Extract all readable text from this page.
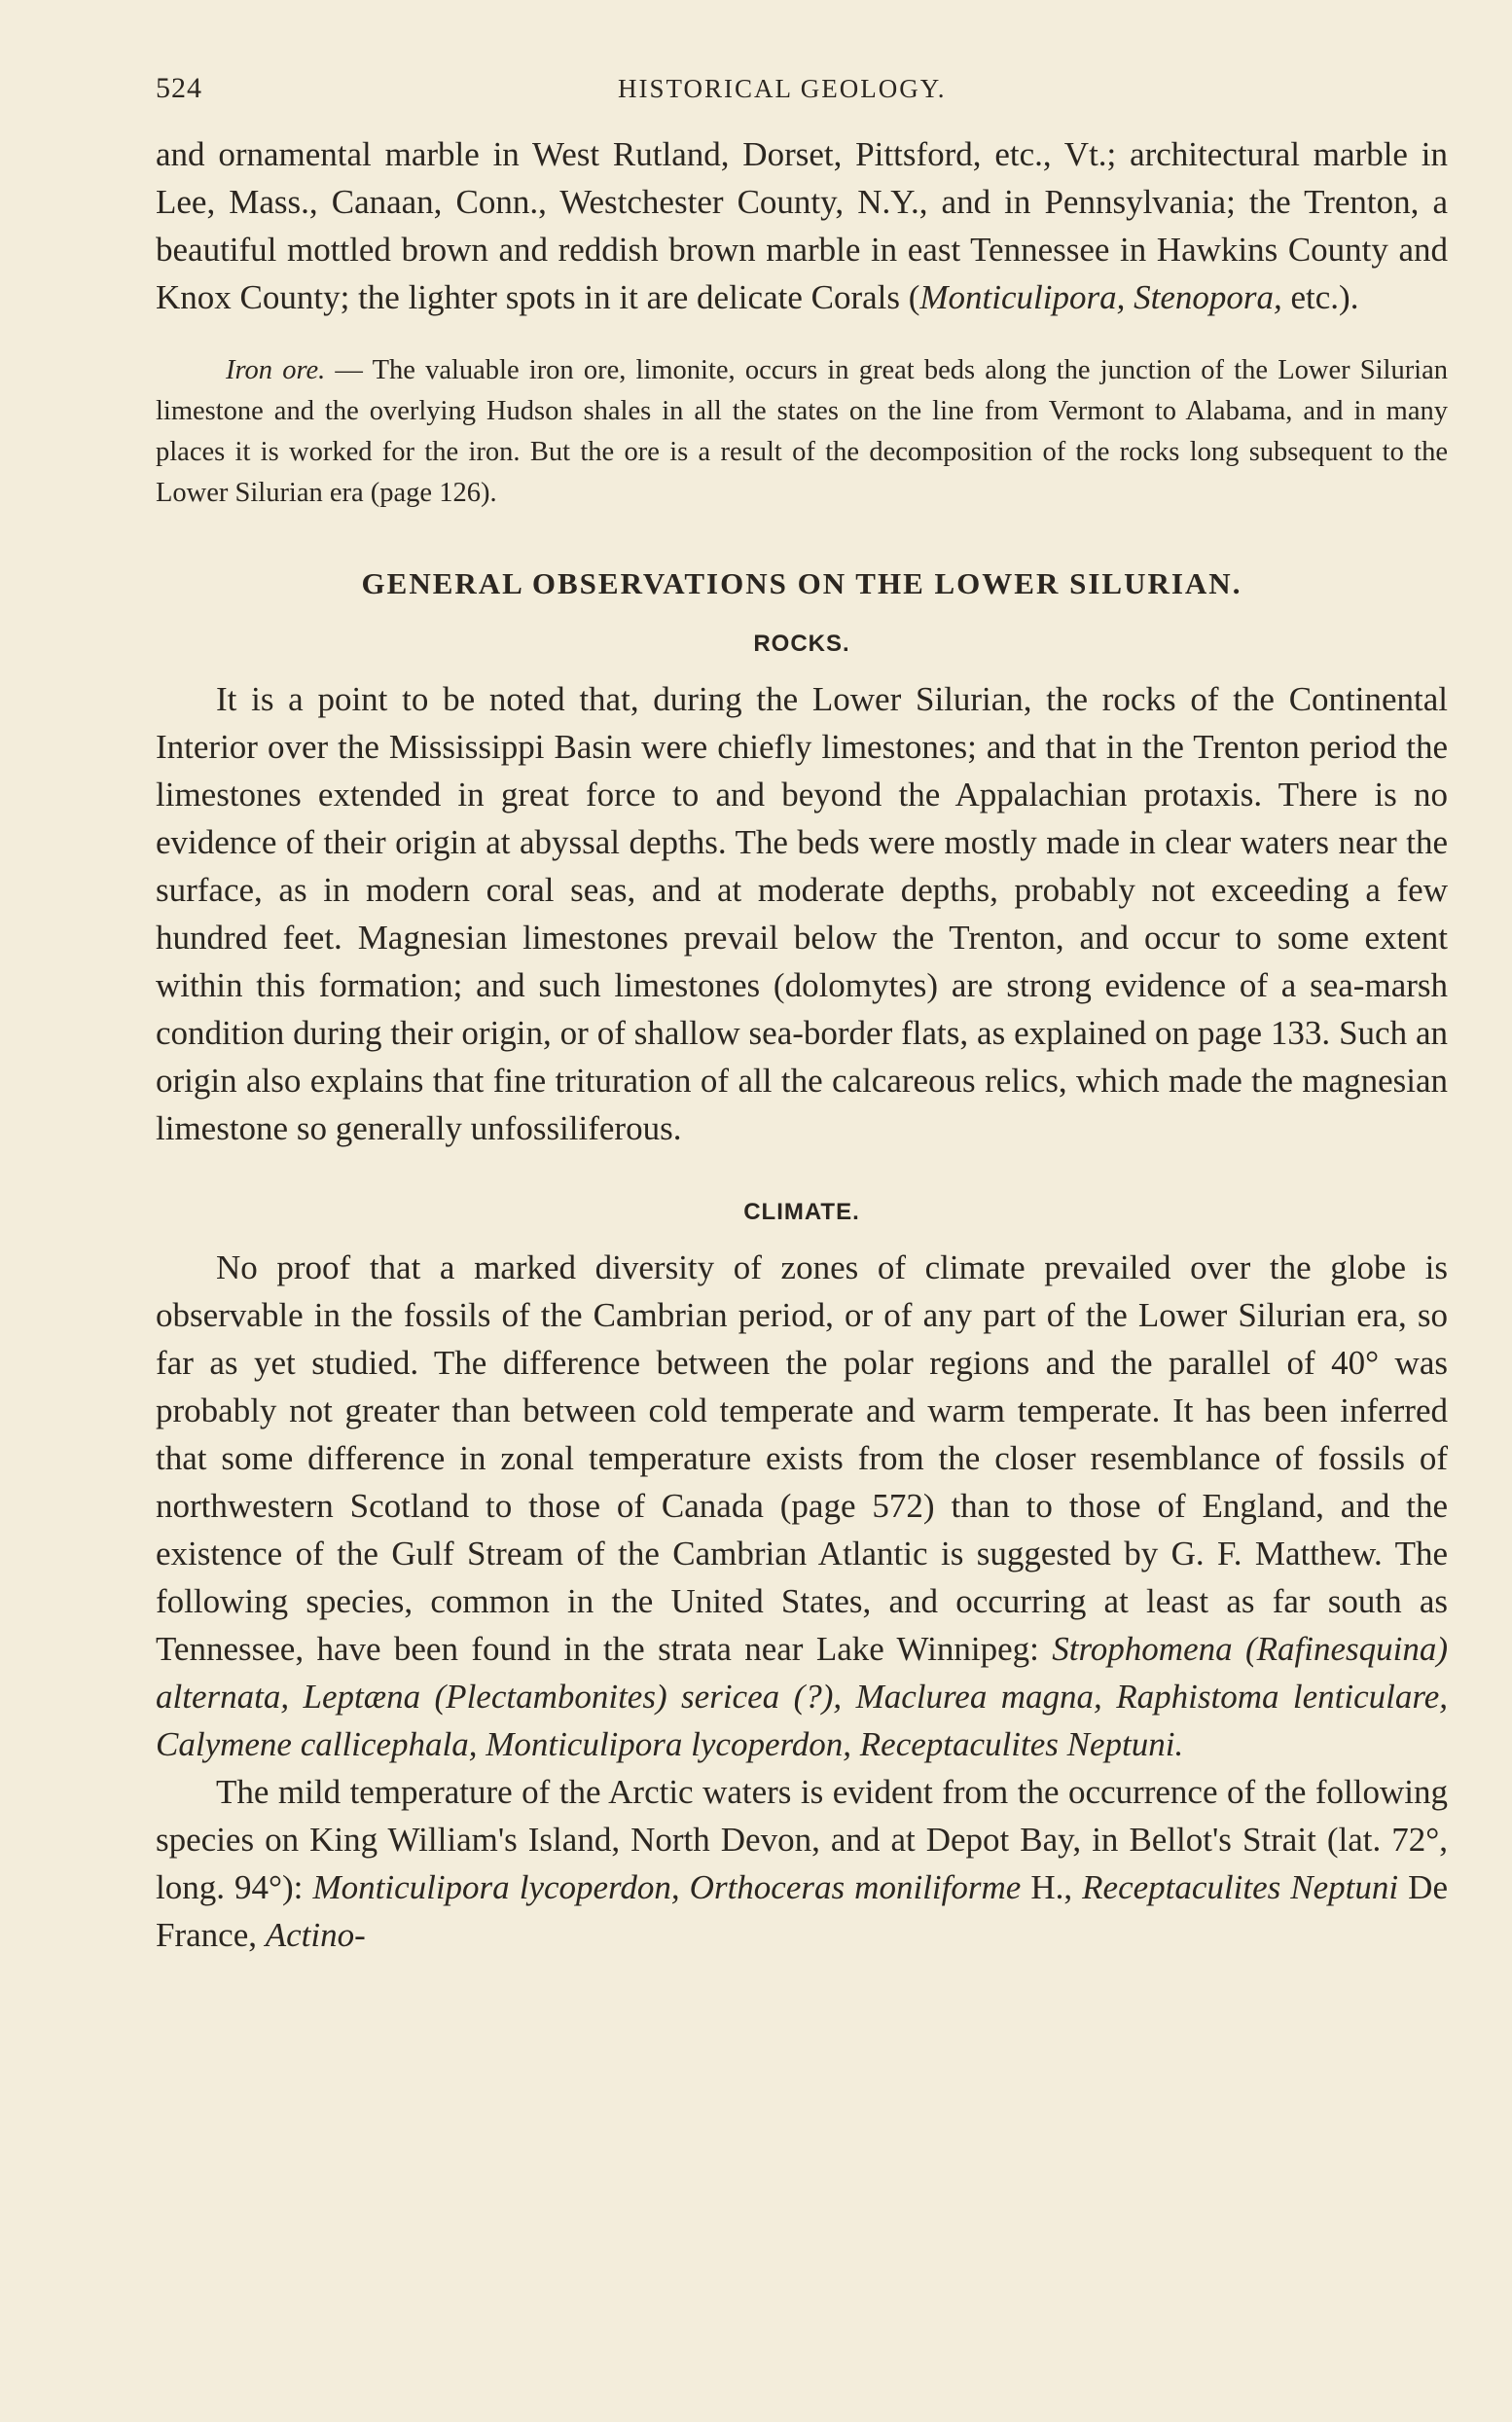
524	HISTORICAL GEOLOGY.

and ornamental marble in West Rutland, Dorset, Pittsford, etc., Vt.; architectural marble in Lee, Mass., Canaan, Conn., Westchester County, N.Y., and in Pennsylvania; the Trenton, a beautiful mottled brown and reddish brown marble in east Tennessee in Hawkins County and Knox County; the lighter spots in it are delicate Corals (Monticulipora, Stenopora, etc.).

Iron ore. — The valuable iron ore, limonite, occurs in great beds along the junction of the Lower Silurian limestone and the overlying Hudson shales in all the states on the line from Vermont to Alabama, and in many places it is worked for the iron. But the ore is a result of the decomposition of the rocks long subsequent to the Lower Silurian era (page 126).

GENERAL OBSERVATIONS ON THE LOWER SILURIAN.
ROCKS.

It is a point to be noted that, during the Lower Silurian, the rocks of the Continental Interior over the Mississippi Basin were chiefly limestones; and that in the Trenton period the limestones extended in great force to and beyond the Appalachian protaxis. There is no evidence of their origin at abyssal depths. The beds were mostly made in clear waters near the surface, as in modern coral seas, and at moderate depths, probably not exceeding a few hundred feet. Magnesian limestones prevail below the Trenton, and occur to some extent within this formation; and such limestones (dolomytes) are strong evidence of a sea-marsh condition during their origin, or of shallow sea-border flats, as explained on page 133. Such an origin also explains that fine trituration of all the calcareous relics, which made the magnesian limestone so generally unfossiliferous.

CLIMATE.

No proof that a marked diversity of zones of climate prevailed over the globe is observable in the fossils of the Cambrian period, or of any part of the Lower Silurian era, so far as yet studied. The difference between the polar regions and the parallel of 40° was probably not greater than between cold temperate and warm temperate. It has been inferred that some difference in zonal temperature exists from the closer resemblance of fossils of northwestern Scotland to those of Canada (page 572) than to those of England, and the existence of the Gulf Stream of the Cambrian Atlantic is suggested by G. F. Matthew. The following species, common in the United States, and occurring at least as far south as Tennessee, have been found in the strata near Lake Winnipeg: Strophomena (Rafinesquina) alternata, Leptæna (Plectambonites) sericea (?), Maclurea magna, Raphistoma lenticulare, Calymene callicephala, Monticulipora lycoperdon, Receptaculites Neptuni.

The mild temperature of the Arctic waters is evident from the occurrence of the following species on King William's Island, North Devon, and at Depot Bay, in Bellot's Strait (lat. 72°, long. 94°): Monticulipora lycoperdon, Orthoceras moniliforme H., Receptaculites Neptuni De France, Actino-
